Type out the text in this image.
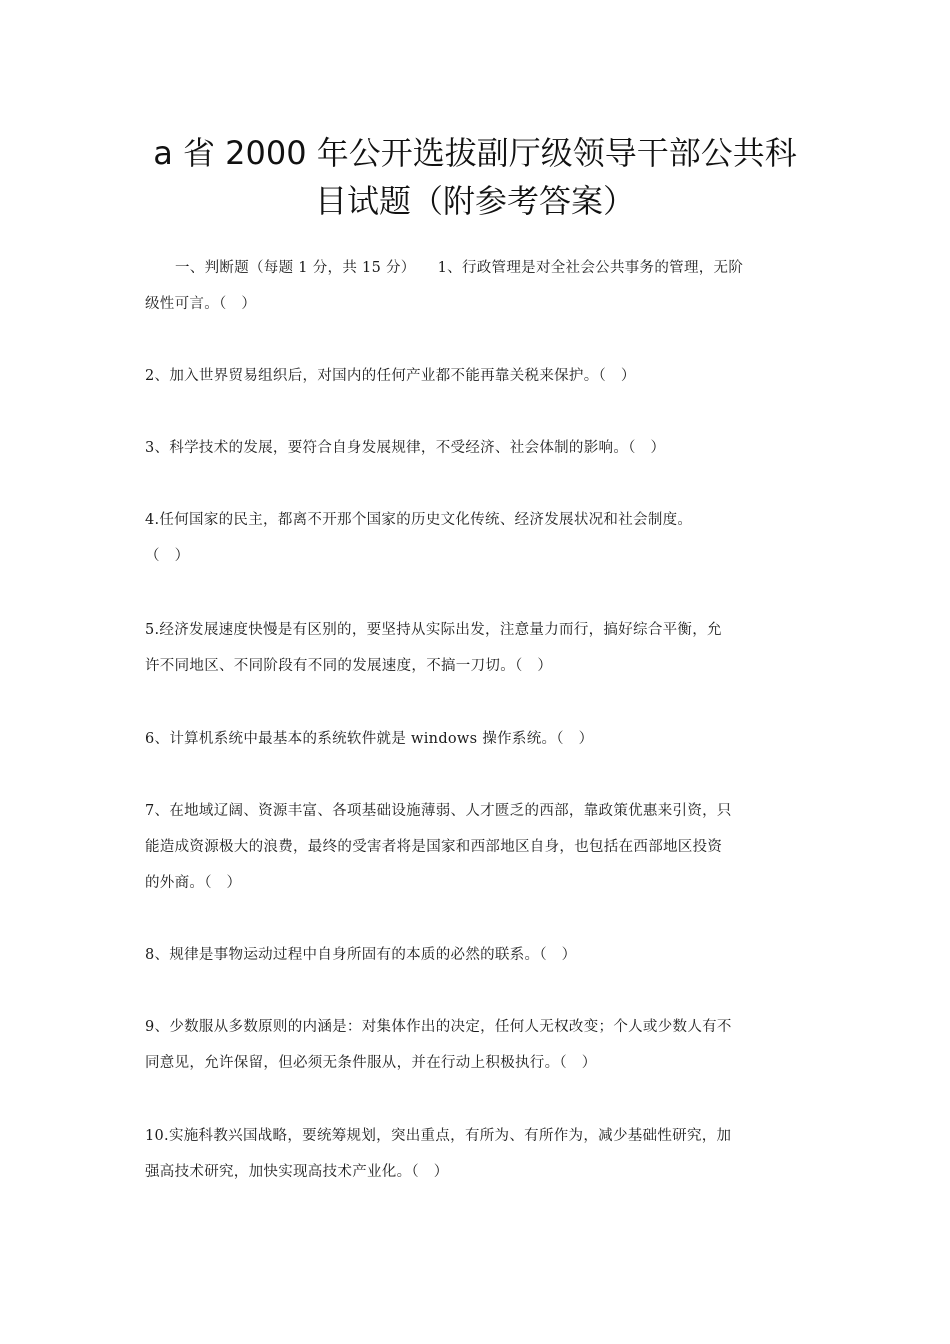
a 省 2000 年公开选拔副厅级领导干部公共科
目试题（附参考答案）

一、判断题（每题 1 分，共 15 分） 1、行政管理是对全社会公共事务的管理，无阶
级性可言。（　）

2、加入世界贸易组织后，对国内的任何产业都不能再靠关税来保护。（　）

3、科学技术的发展，要符合自身发展规律，不受经济、社会体制的影响。（　）

4.任何国家的民主，都离不开那个国家的历史文化传统、经济发展状况和社会制度。
（　）

5.经济发展速度快慢是有区别的，要坚持从实际出发，注意量力而行，搞好综合平衡，允
许不同地区、不同阶段有不同的发展速度，不搞一刀切。（　）

6、计算机系统中最基本的系统软件就是 windows 操作系统。（　）

7、在地域辽阔、资源丰富、各项基础设施薄弱、人才匮乏的西部，靠政策优惠来引资，只
能造成资源极大的浪费，最终的受害者将是国家和西部地区自身，也包括在西部地区投资
的外商。（　）

8、规律是事物运动过程中自身所固有的本质的必然的联系。（　）

9、少数服从多数原则的内涵是：对集体作出的决定，任何人无权改变；个人或少数人有不
同意见，允许保留，但必须无条件服从，并在行动上积极执行。（　）

10.实施科教兴国战略，要统筹规划，突出重点，有所为、有所作为，减少基础性研究，加
强高技术研究，加快实现高技术产业化。（　）
